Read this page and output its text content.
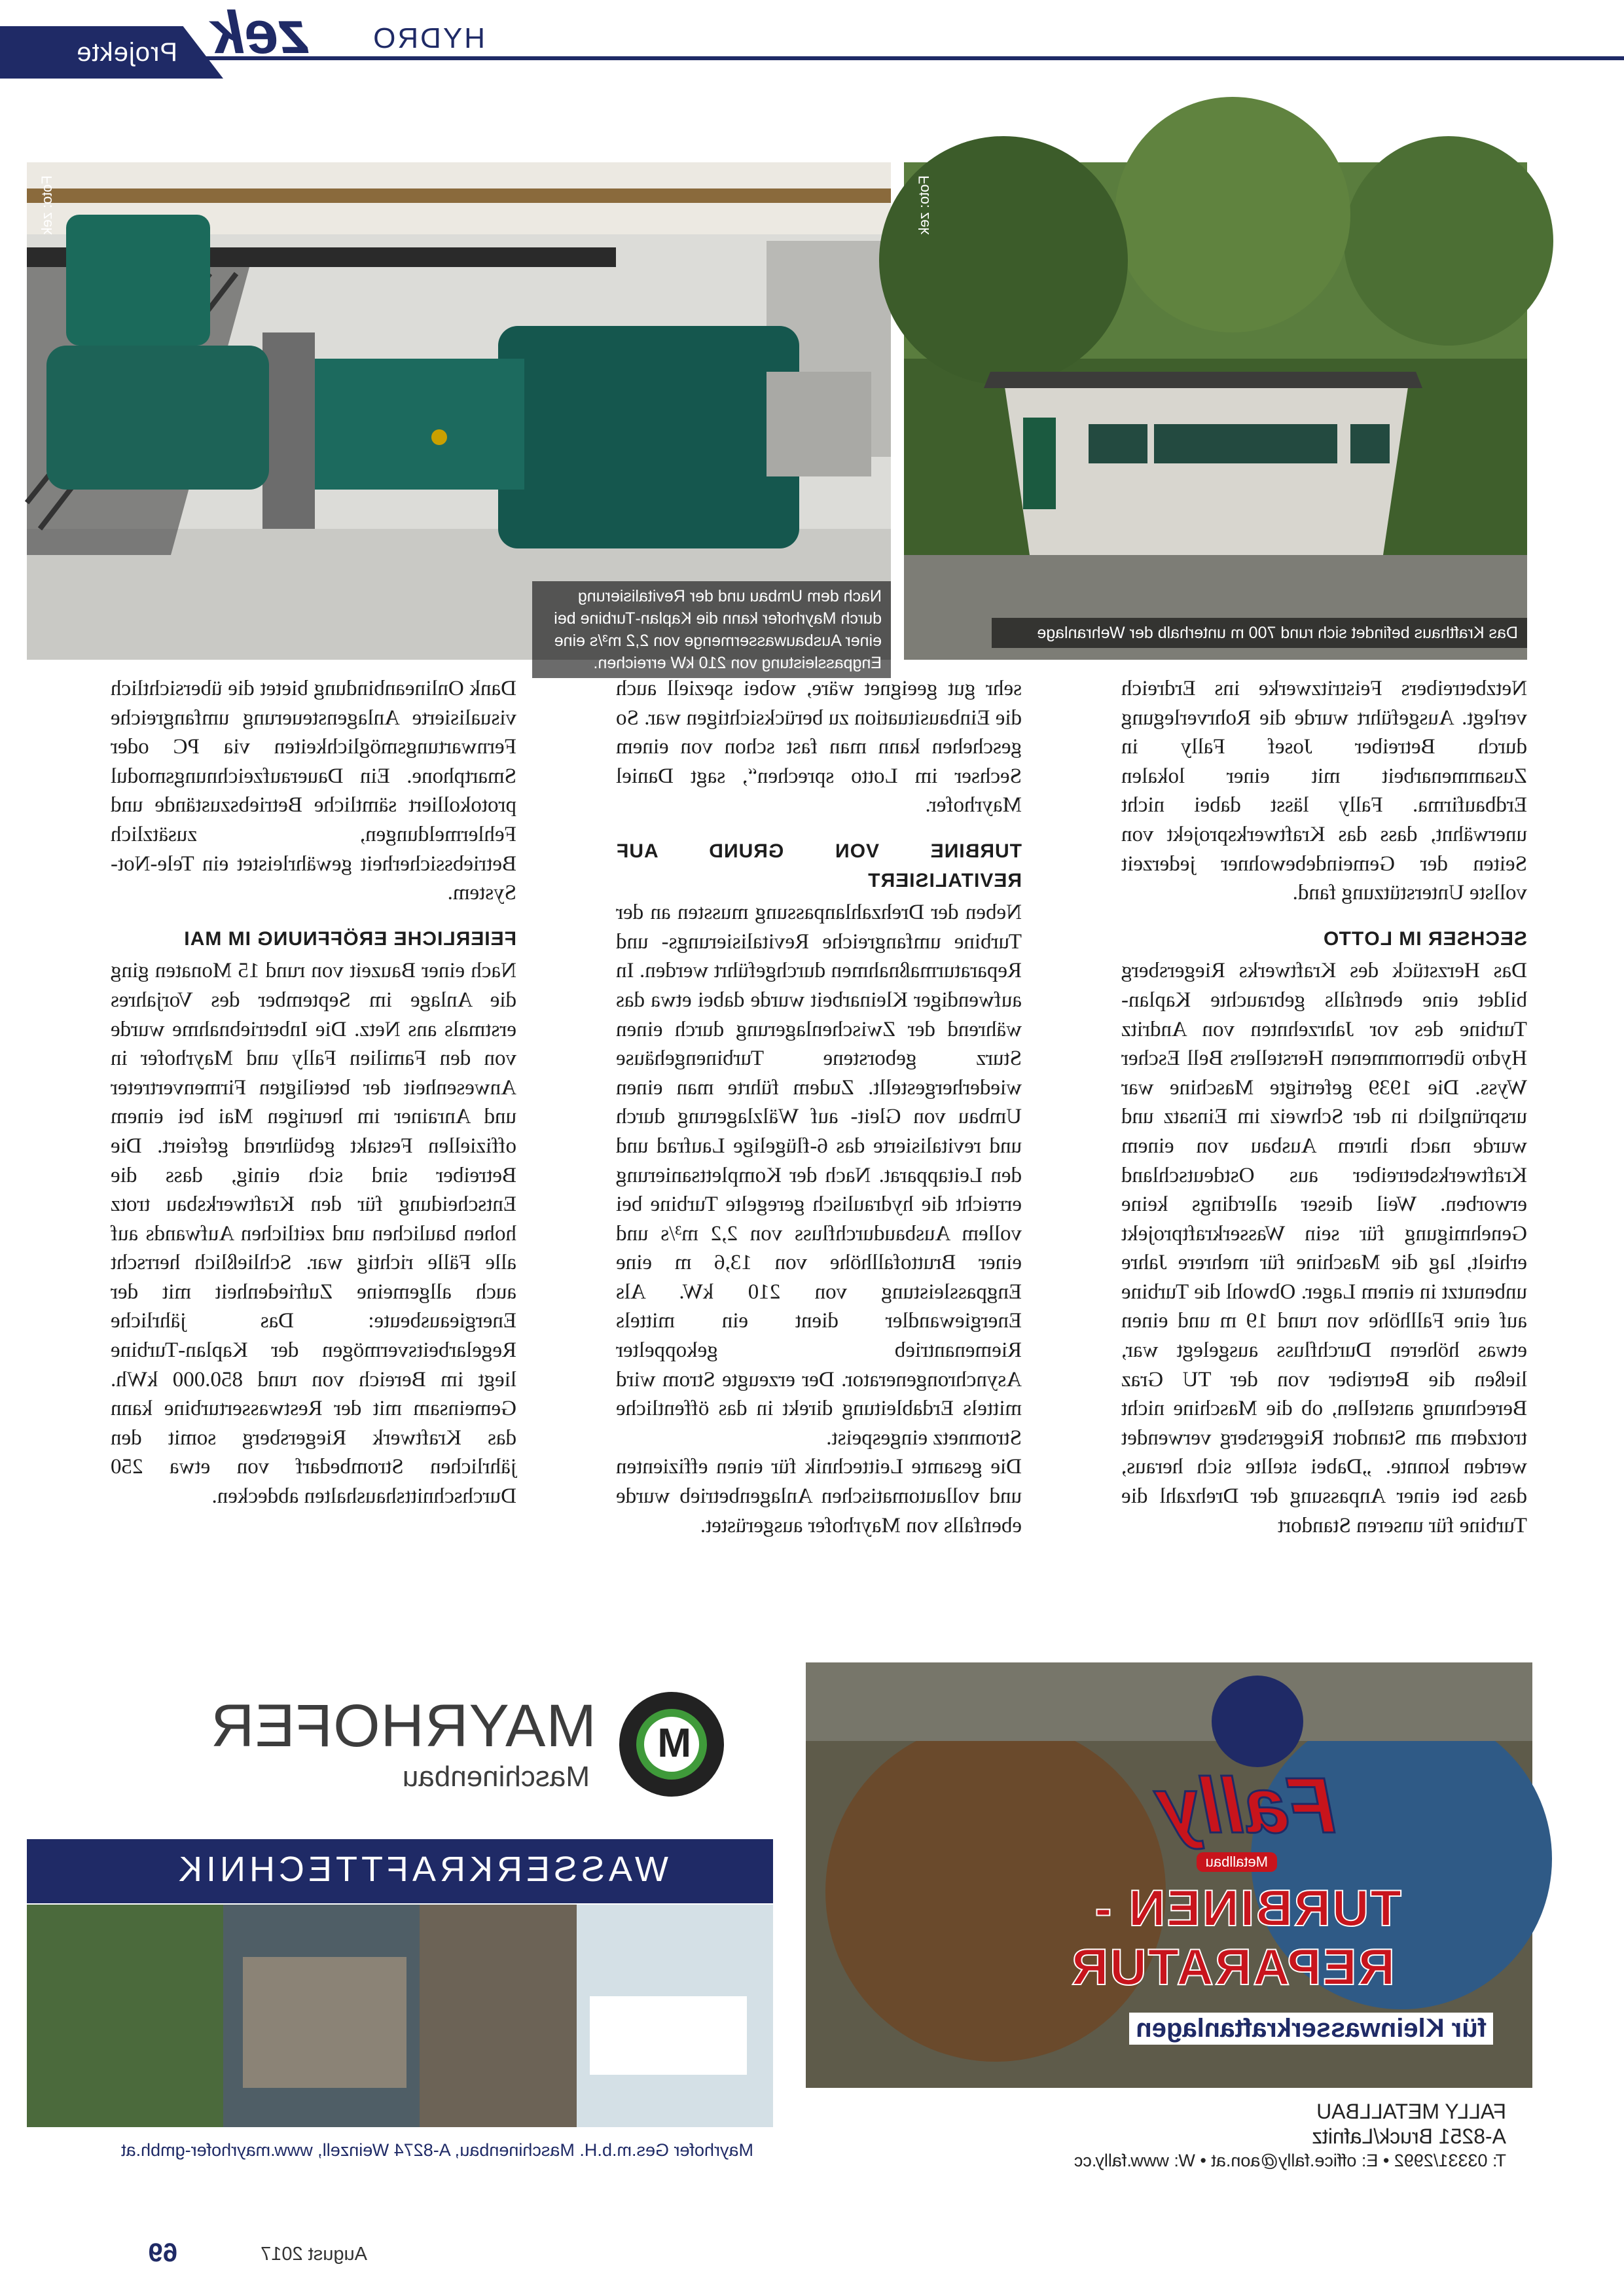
Projekte zek HYDRO
Nach dem Umbau und der Revitalisierung durch Mayrhofer kann die Kaplan-Turbine bei einer Ausbauwassermenge von 2,2 m³/s eine Engpassleistung von 210 kW erreichen.
Foto: zek
Das Krafthaus befindet sich rund 700 m unterhalb der Wehranlage
Foto: zek

Netzbetreibers Feistritzwerke ins Erdreich verlegt. Ausgeführt wurde die Rohrverlegung durch Betreiber Josef Fally in Zusammenarbeit mit einer lokalen Erdbaufirma. Fally lässt dabei nicht unerwähnt, dass das Kraftwerksprojekt von Seiten der Gemeindebewohner jederzeit vollste Unterstützung fand.

SECHSER IM LOTTO

Das Herzstück des Kraftwerks Riegersberg bildet eine ebenfalls gebrauchte Kaplan-Turbine des vor Jahrzehnten von Andritz Hydro übernommenen Herstellers Bell Escher Wyss. Die 1939 gefertigte Maschine war ursprünglich in der Schweiz im Einsatz und wurde nach ihrem Ausbau von einem Kraftwerksbetreiber aus Ostdeutschland erworben. Weil dieser allerdings keine Genehmigung für sein Wasserkraftprojekt erhielt, lag die Maschine für mehrere Jahre unbenutzt in einem Lager. Obwohl die Turbine auf eine Fallhöhe von rund 19 m und einen etwas höheren Durchfluss ausgelegt war, ließen die Betreiber von der TU Graz Berechnung anstellen, ob die Maschine nicht trotzdem am Standort Riegersberg verwendet werden konnte. „Dabei stellte sich heraus, dass bei einer Anpassung der Drehzahl die Turbine für unseren Standort

sehr gut geeignet wäre, wobei speziell auch die Einbausituation zu berücksichtigen war. So geschehen kann man fast schon von einem Sechser im Lotto sprechen“, sagt Daniel Mayrhofer.

TURBINE VON GRUND AUF REVITALISIERT

Neben der Drehzahlanpassung mussten an der Turbine umfangreiche Revitalisierungs- und Reparaturmaßnahmen durchgeführt werden. In aufwendiger Kleinarbeit wurde dabei etwa das während der Zwischenlagerung durch einen Sturz geborstene Turbinengehäuse wiederhergestellt. Zudem führte man einen Umbau von Gleit- auf Wälzlagerung durch und revitalisierte das 6-flügelige Laufrad und den Leitapparat. Nach der Komplettsanierung erreicht die hydraulisch geregelte Turbine bei vollem Ausbaudurchfluss von 2,2 m³/s und einer Bruttofallhöhe von 13,6 m eine Engpassleistung von 210 kW. Als Energiewandler dient ein mittels Riemenantrieb gekoppelter Asynchrongenerator. Der erzeugte Strom wird mittels Erdableitung direkt in das öffentliche Stromnetz eingespeist.

Die gesamte Leittechnik für einen effizienten und vollautomatischen Anlagenbetrieb wurde ebenfalls von Mayrhofer ausgerüstet.

Dank Onlineanbindung bietet die übersichtlich visualisierte Anlagensteuerung umfangreiche Fernwartungsmöglichkeiten via PC oder Smartphone. Ein Daueraufzeichnungsmodul protokolliert sämtliche Betriebszustände und Fehlermeldungen, zusätzlich Betriebssicherheit gewährleistet ein Tele-Not-System.

FEIERLICHE ERÖFFNUNG IM MAI

Nach einer Bauzeit von rund 15 Monaten ging die Anlage im September des Vorjahres erstmals ans Netz. Die Inbetriebnahme wurde von den Familien Fally und Mayrhofer in Anwesenheit der beteiligten Firmenvertreter und Anrainer im heurigen Mai bei einem offiziellen Festakt gebührend gefeiert. Die Betreiber sind sich einig, dass die Entscheidung für den Kraftwerksbau trotz hohen baulichen und zeitlichen Aufwands auf alle Fälle richtig war. Schließlich herrscht auch allgemeine Zufriedenheit mit der Energieausbeute: Das jährliche Regelarbeitsvermögen der Kaplan-Turbine liegt im Bereich von rund 850.000 kWh. Gemeinsam mit der Restwasserturbine kann das Kraftwerk Riegersberg somit den jährlichen Strombedarf von etwa 250 Durchschnittshaushalten abdecken.

Fally
Metallbau
TURBINEN -
REPARATUR
für Kleinwasserkraftanlagen
FALLY METALLBAU
A-8251 Bruck/Lafnitz
T: 03331/2992 • E: office.fally@aon.at • W: www.fally.cc
M
MAYRHOFER
Maschinenbau
WASSERKRAFTTECHNIK
Mayrhofer Ges.m.b.H. Maschinenbau, A-8274 Weinzell, www.mayrhofer-gmbh.at
69	August 2017
